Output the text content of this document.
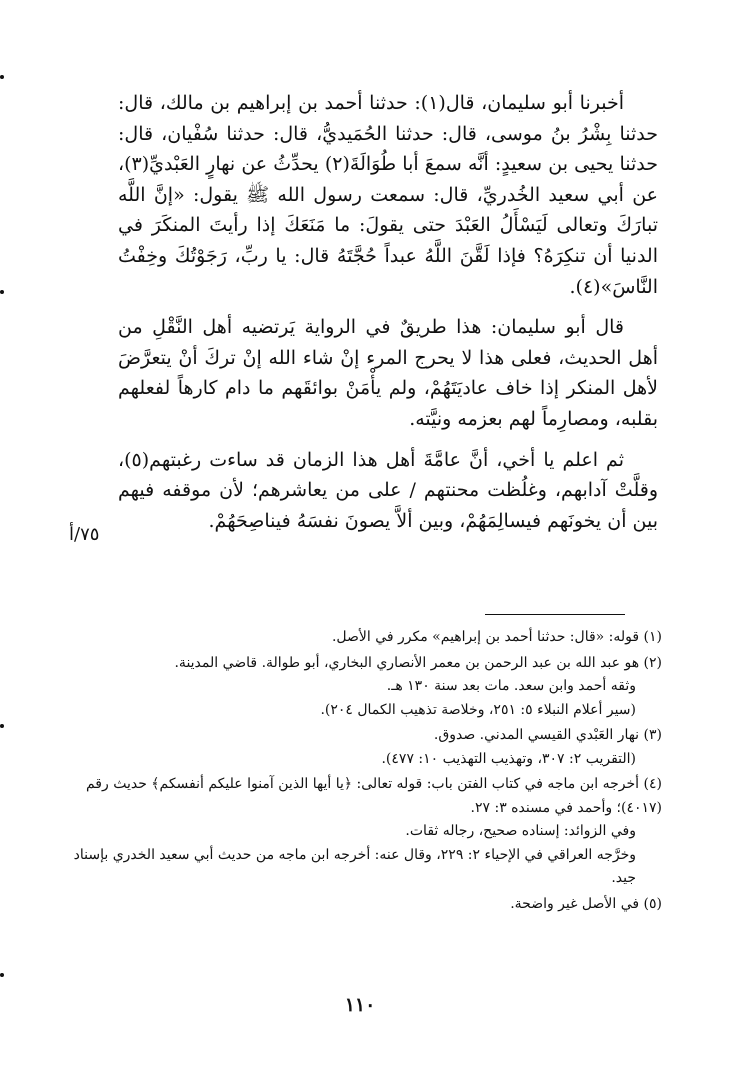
أخبرنا أبو سليمان، قال(١): حدثنا أحمد بن إبراهيم بن مالك، قال: حدثنا بِشْرُ بنُ موسى، قال: حدثنا الحُمَيديُّ، قال: حدثنا سُفْيان، قال: حدثنا يحيى بن سعيدٍ: أنَّه سمعَ أبا طُوَالَةَ(٢) يحدِّثُ عن نهارٍ العَبْديِّ(٣)، عن أبي سعيد الخُدريِّ، قال: سمعت رسول الله ﷺ يقول: «إنَّ اللَّه تبارَكَ وتعالى لَيَسْأَلُ العَبْدَ حتى يقولَ: ما مَنَعَكَ إذا رأيتَ المنكَرَ في الدنيا أن تنكِرَهُ؟ فإذا لَقَّنَ اللَّهُ عبداً حُجَّتَهُ قال: يا ربِّ، رَجَوْتُكَ وخِفْتُ النَّاسَ»(٤).

قال أبو سليمان: هذا طريقٌ في الرواية يَرتضيه أهل النَّقْلِ من أهل الحديث، فعلى هذا لا يحرج المرء إنْ شاء الله إنْ تركَ أنْ يتعرَّضَ لأهل المنكر إذا خاف عاديَتَهُمْ، ولم يأْمَنْ بوائقَهم ما دام كارهاً لفعلهم بقلبه، ومصارِماً لهم بعزمه ونيَّته.

ثم اعلم يا أخي، أنَّ عامَّةَ أهل هذا الزمان قد ساءت رغبتهم(٥)، وقلَّتْ آدابهم، وغلُظت محنتهم / على من يعاشرهم؛ لأن موقفه فيهم بين أن يخونَهم فيسالِمَهُمْ، وبين ألاَّ يصونَ نفسَهُ فيناصِحَهُمْ.

٧٥/أ
(١) قوله: «قال: حدثنا أحمد بن إبراهيم» مكرر في الأصل.
(٢) هو عبد الله بن عبد الرحمن بن معمر الأنصاري البخاري، أبو طوالة. قاضي المدينة.
وثقه أحمد وابن سعد. مات بعد سنة ١٣٠ هـ.
(سير أعلام النبلاء ٥: ٢٥١، وخلاصة تذهيب الكمال ٢٠٤).
(٣) نهار العَبْدي القيسي المدني. صدوق.
(التقريب ٢: ٣٠٧، وتهذيب التهذيب ١٠: ٤٧٧).
(٤) أخرجه ابن ماجه في كتاب الفتن باب: قوله تعالى: ﴿يا أيها الذين آمنوا عليكم أنفسكم﴾ حديث رقم (٤٠١٧)؛ وأحمد في مسنده ٣: ٢٧.
وفي الزوائد: إسناده صحيح، رجاله ثقات.
وخرَّجه العراقي في الإحياء ٢: ٢٢٩، وقال عنه: أخرجه ابن ماجه من حديث أبي سعيد الخدري بإسناد جيد.
(٥) في الأصل غير واضحة.
١١٠
